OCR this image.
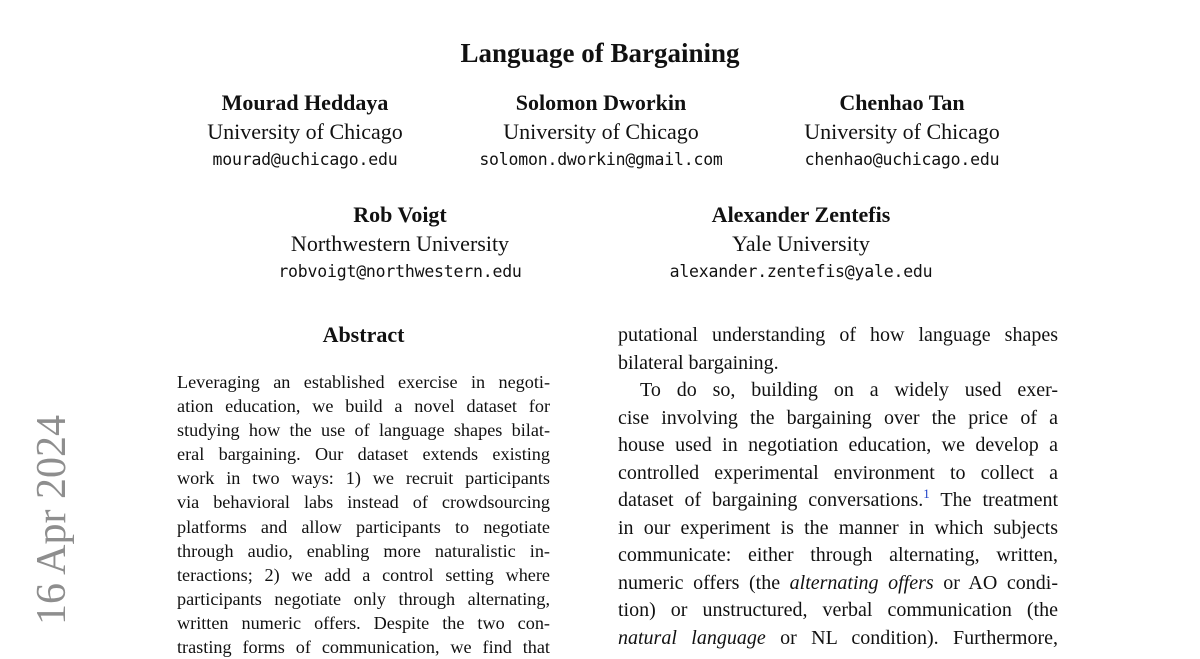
Language of Bargaining
Mourad Heddaya
University of Chicago
mourad@uchicago.edu
Solomon Dworkin
University of Chicago
solomon.dworkin@gmail.com
Chenhao Tan
University of Chicago
chenhao@uchicago.edu
Rob Voigt
Northwestern University
robvoigt@northwestern.edu
Alexander Zentefis
Yale University
alexander.zentefis@yale.edu
16 Apr 2024
Abstract
Leveraging an established exercise in negoti-
ation education, we build a novel dataset for
studying how the use of language shapes bilat-
eral bargaining. Our dataset extends existing
work in two ways: 1) we recruit participants
via behavioral labs instead of crowdsourcing
platforms and allow participants to negotiate
through audio, enabling more naturalistic in-
teractions; 2) we add a control setting where
participants negotiate only through alternating,
written numeric offers. Despite the two con-
trasting forms of communication, we find that
putational understanding of how language shapes
bilateral bargaining.
To do so, building on a widely used exer-
cise involving the bargaining over the price of a
house used in negotiation education, we develop a
controlled experimental environment to collect a
dataset of bargaining conversations.$^1$ The treatment
in our experiment is the manner in which subjects
communicate: either through alternating, written,
numeric offers (the alternating offers or AO condi-
tion) or unstructured, verbal communication (the
natural language or NL condition). Furthermore,
